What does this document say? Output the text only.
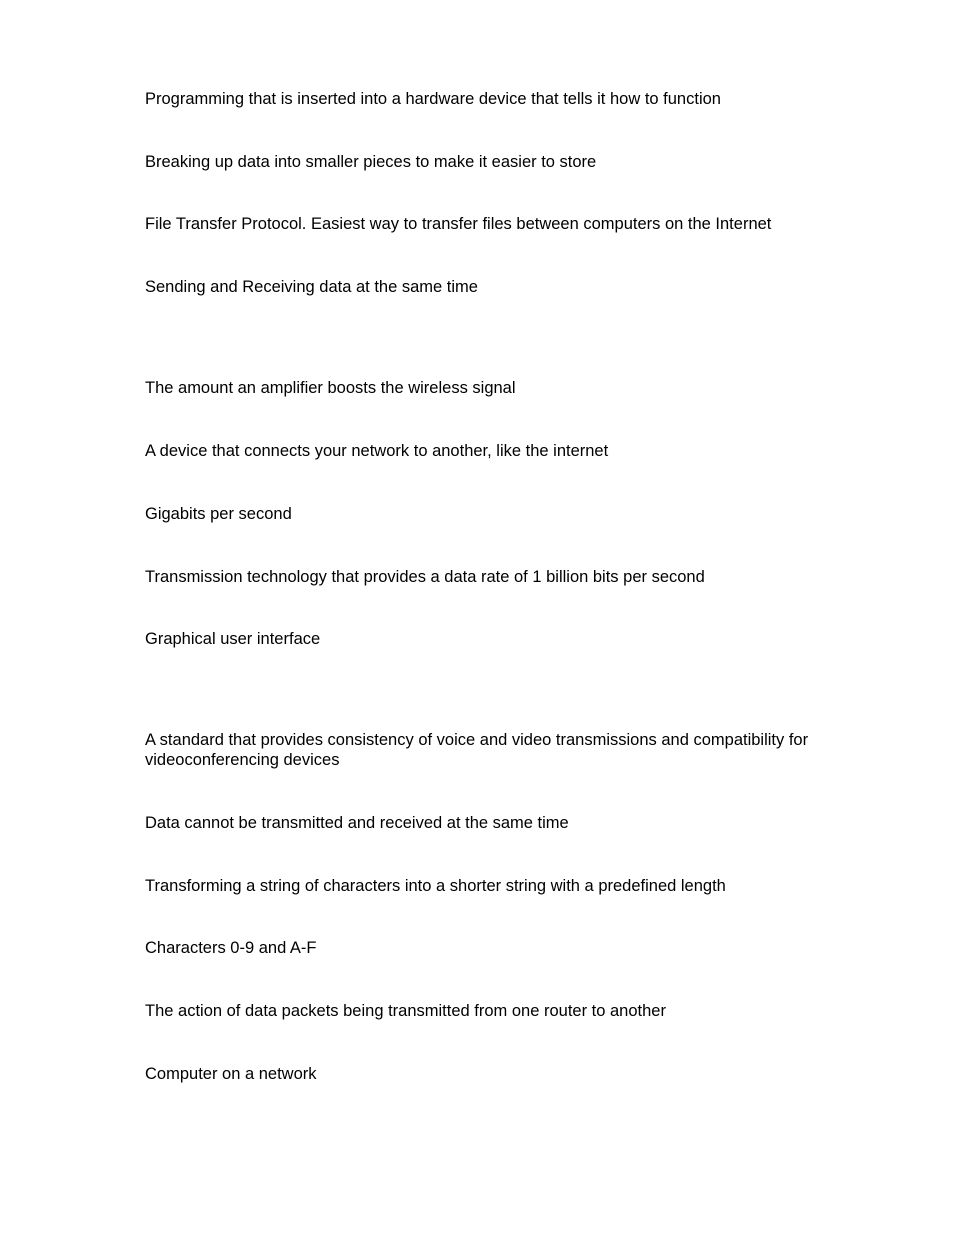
Programming that is inserted into a hardware device that tells it how to function

Breaking up data into smaller pieces to make it easier to store

File Transfer Protocol. Easiest way to transfer files between computers on the Internet

Sending and Receiving data at the same time

The amount an amplifier boosts the wireless signal

A device that connects your network to another, like the internet

Gigabits per second

Transmission technology that provides a data rate of 1 billion bits per second

Graphical user interface

A standard that provides consistency of voice and video transmissions and compatibility for videoconferencing devices

Data cannot be transmitted and received at the same time

Transforming a string of characters into a shorter string with a predefined length

Characters 0-9 and A-F

The action of data packets being transmitted from one router to another

Computer on a network
